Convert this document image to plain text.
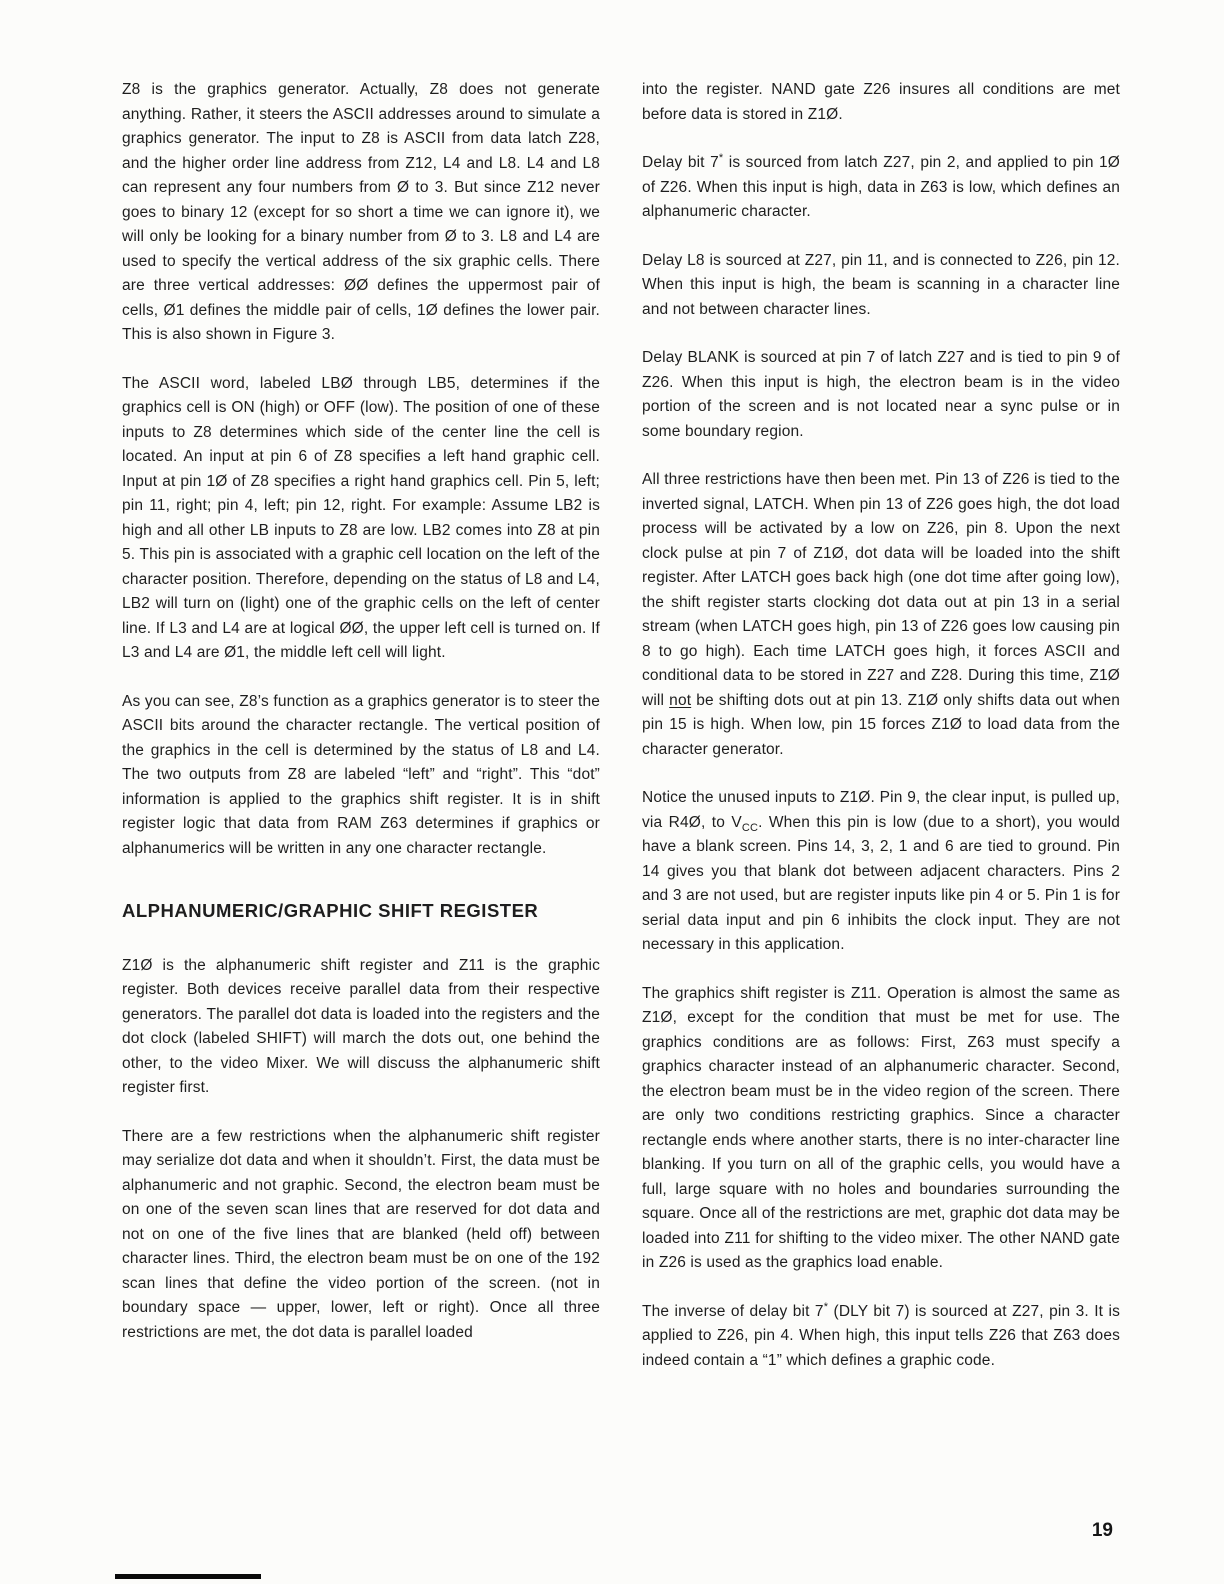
Z8 is the graphics generator. Actually, Z8 does not generate anything. Rather, it steers the ASCII addresses around to simulate a graphics generator. The input to Z8 is ASCII from data latch Z28, and the higher order line address from Z12, L4 and L8. L4 and L8 can represent any four numbers from Ø to 3. But since Z12 never goes to binary 12 (except for so short a time we can ignore it), we will only be looking for a binary number from Ø to 3. L8 and L4 are used to specify the vertical address of the six graphic cells. There are three vertical addresses: ØØ defines the uppermost pair of cells, Ø1 defines the middle pair of cells, 1Ø defines the lower pair. This is also shown in Figure 3.

The ASCII word, labeled LBØ through LB5, determines if the graphics cell is ON (high) or OFF (low). The position of one of these inputs to Z8 determines which side of the center line the cell is located. An input at pin 6 of Z8 specifies a left hand graphic cell. Input at pin 1Ø of Z8 specifies a right hand graphics cell. Pin 5, left; pin 11, right; pin 4, left; pin 12, right. For example: Assume LB2 is high and all other LB inputs to Z8 are low. LB2 comes into Z8 at pin 5. This pin is associated with a graphic cell location on the left of the character position. Therefore, depending on the status of L8 and L4, LB2 will turn on (light) one of the graphic cells on the left of center line. If L3 and L4 are at logical ØØ, the upper left cell is turned on. If L3 and L4 are Ø1, the middle left cell will light.

As you can see, Z8’s function as a graphics generator is to steer the ASCII bits around the character rectangle. The vertical position of the graphics in the cell is determined by the status of L8 and L4. The two outputs from Z8 are labeled “left” and “right”. This “dot” information is applied to the graphics shift register. It is in shift register logic that data from RAM Z63 determines if graphics or alphanumerics will be written in any one character rectangle.

ALPHANUMERIC/GRAPHIC SHIFT REGISTER

Z1Ø is the alphanumeric shift register and Z11 is the graphic register. Both devices receive parallel data from their respective generators. The parallel dot data is loaded into the registers and the dot clock (labeled SHIFT) will march the dots out, one behind the other, to the video Mixer. We will discuss the alphanumeric shift register first.

There are a few restrictions when the alphanumeric shift register may serialize dot data and when it shouldn’t. First, the data must be alphanumeric and not graphic. Second, the electron beam must be on one of the seven scan lines that are reserved for dot data and not on one of the five lines that are blanked (held off) between character lines. Third, the electron beam must be on one of the 192 scan lines that define the video portion of the screen. (not in boundary space — upper, lower, left or right). Once all three restrictions are met, the dot data is parallel loaded

into the register. NAND gate Z26 insures all conditions are met before data is stored in Z1Ø.

Delay bit 7* is sourced from latch Z27, pin 2, and applied to pin 1Ø of Z26. When this input is high, data in Z63 is low, which defines an alphanumeric character.

Delay L8 is sourced at Z27, pin 11, and is connected to Z26, pin 12. When this input is high, the beam is scanning in a character line and not between character lines.

Delay BLANK is sourced at pin 7 of latch Z27 and is tied to pin 9 of Z26. When this input is high, the electron beam is in the video portion of the screen and is not located near a sync pulse or in some boundary region.

All three restrictions have then been met. Pin 13 of Z26 is tied to the inverted signal, LATCH. When pin 13 of Z26 goes high, the dot load process will be activated by a low on Z26, pin 8. Upon the next clock pulse at pin 7 of Z1Ø, dot data will be loaded into the shift register. After LATCH goes back high (one dot time after going low), the shift register starts clocking dot data out at pin 13 in a serial stream (when LATCH goes high, pin 13 of Z26 goes low causing pin 8 to go high). Each time LATCH goes high, it forces ASCII and conditional data to be stored in Z27 and Z28. During this time, Z1Ø will not be shifting dots out at pin 13. Z1Ø only shifts data out when pin 15 is high. When low, pin 15 forces Z1Ø to load data from the character generator.

Notice the unused inputs to Z1Ø. Pin 9, the clear input, is pulled up, via R4Ø, to $V_{CC}$. When this pin is low (due to a short), you would have a blank screen. Pins 14, 3, 2, 1 and 6 are tied to ground. Pin 14 gives you that blank dot between adjacent characters. Pins 2 and 3 are not used, but are register inputs like pin 4 or 5. Pin 1 is for serial data input and pin 6 inhibits the clock input. They are not necessary in this application.

The graphics shift register is Z11. Operation is almost the same as Z1Ø, except for the condition that must be met for use. The graphics conditions are as follows: First, Z63 must specify a graphics character instead of an alphanumeric character. Second, the electron beam must be in the video region of the screen. There are only two conditions restricting graphics. Since a character rectangle ends where another starts, there is no inter-character line blanking. If you turn on all of the graphic cells, you would have a full, large square with no holes and boundaries surrounding the square. Once all of the restrictions are met, graphic dot data may be loaded into Z11 for shifting to the video mixer. The other NAND gate in Z26 is used as the graphics load enable.

The inverse of delay bit 7* (DLY bit 7) is sourced at Z27, pin 3. It is applied to Z26, pin 4. When high, this input tells Z26 that Z63 does indeed contain a “1” which defines a graphic code.

19
